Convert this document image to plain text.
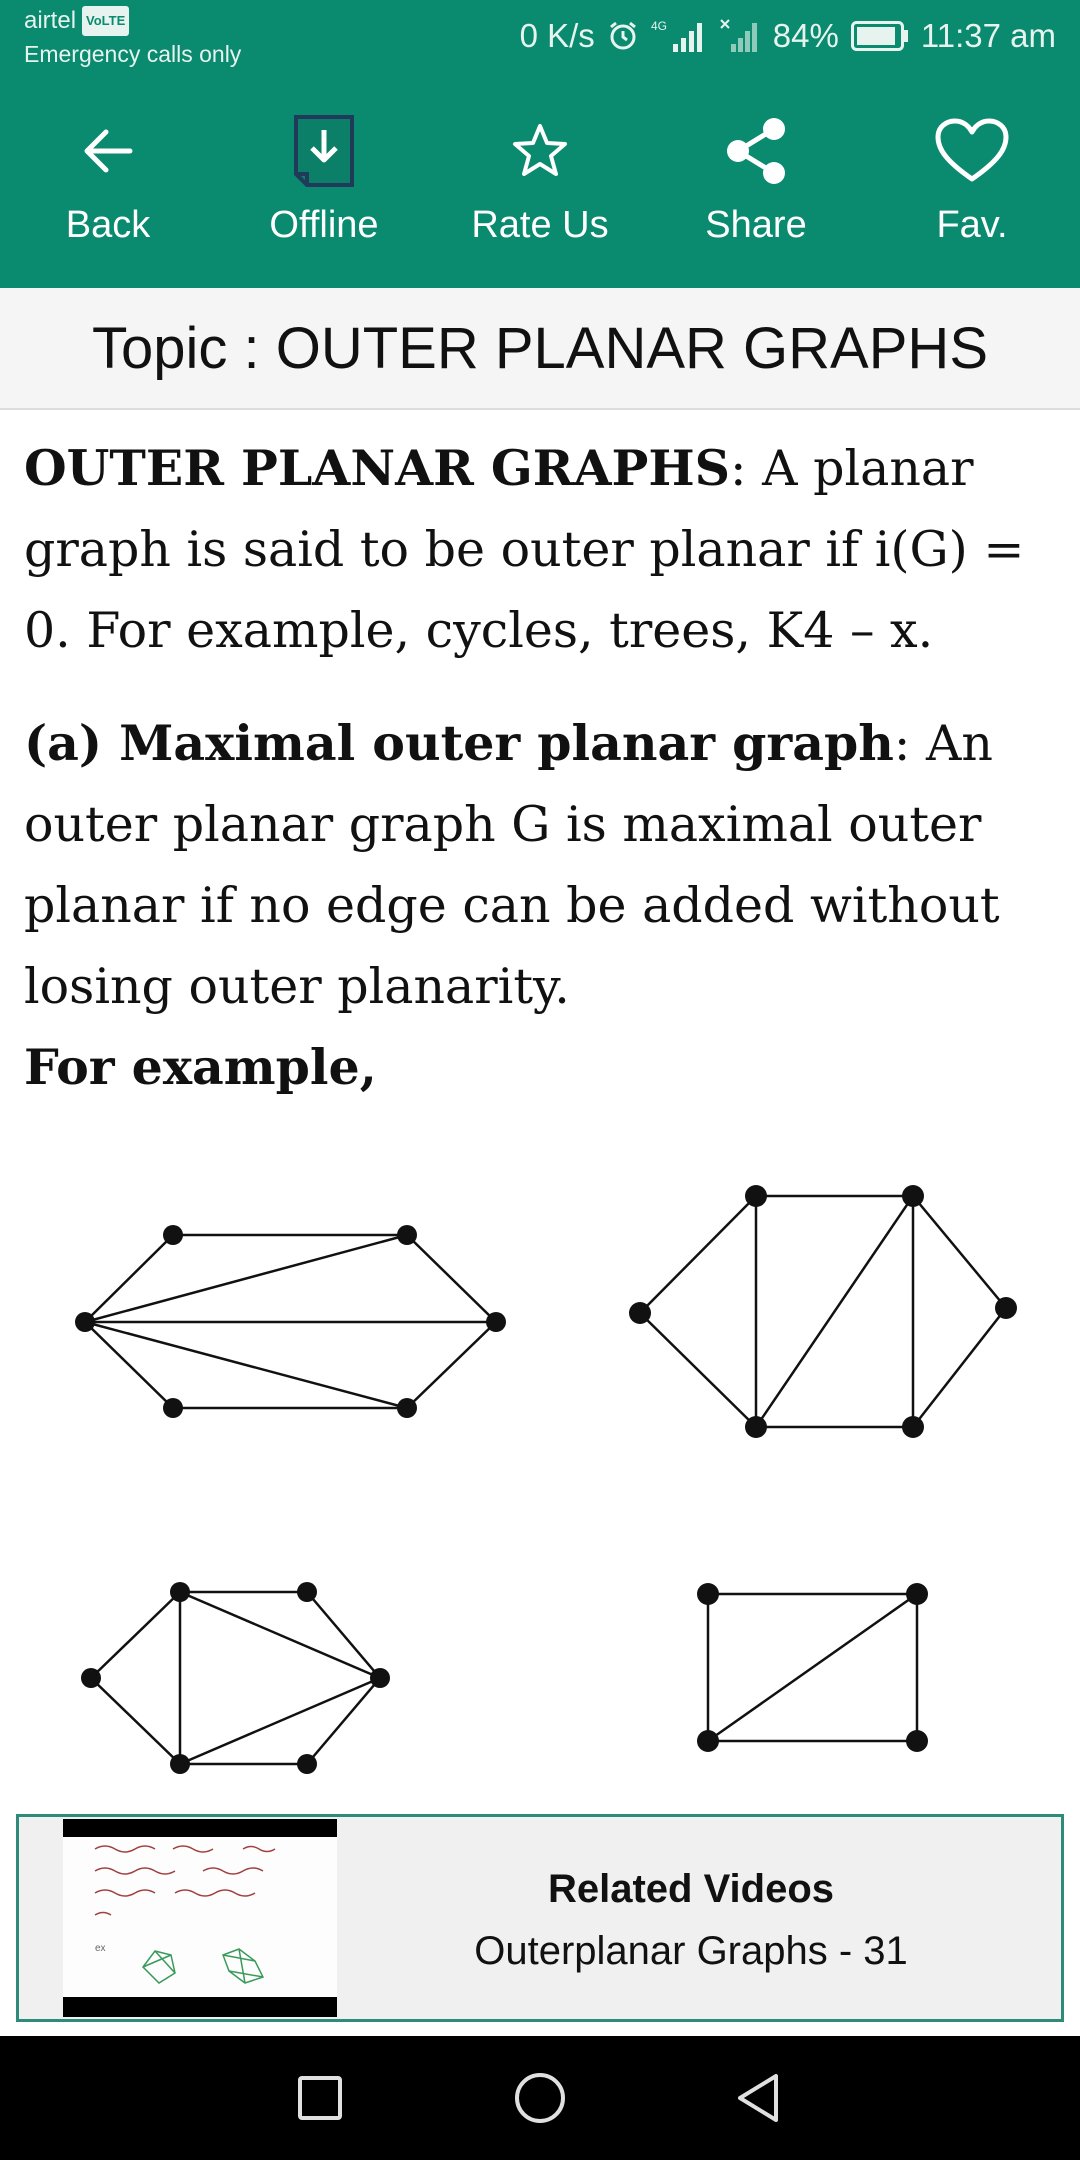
airtel VoLTE
Emergency calls only	0 K/s	4G	84% 11:37 am
Back	Offline Rate Us	Share	Fav.
Topic : OUTER PLANAR GRAPHS

OUTER PLANAR GRAPHS: A planar graph is said to be outer planar if i(G) = 0. For example, cycles, trees, K4 – x.

(a) Maximal outer planar graph: An outer planar graph G is maximal outer planar if no edge can be added without losing outer planarity.

For example,

ex
Related Videos
Outerplanar Graphs - 31
